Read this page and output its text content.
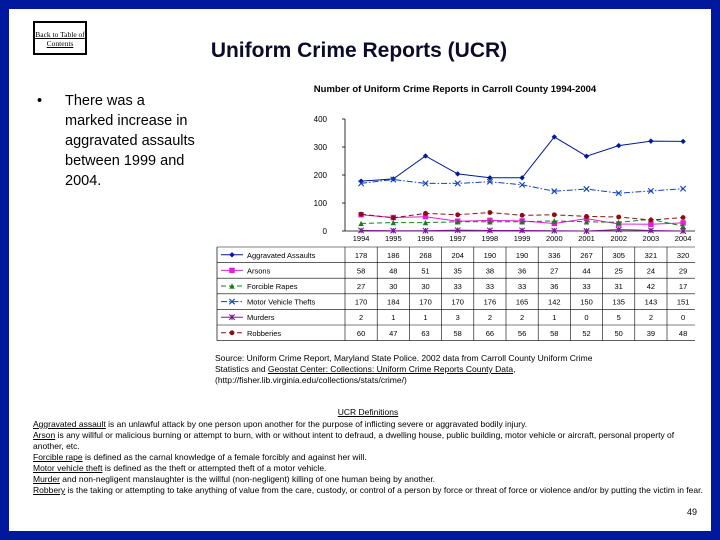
Back to Table of Contents	Uniform Crime Reports (UCR)
• There was a marked increase in aggravated assaults between 1999 and 2004.
Number of Uniform Crime Reports in Carroll County 1994-2004
0
100
200
300
400
1994 1995 1996 1997 1998 1999 2000 2001 2002 2003 2004
Aggravated Assaults	178	186	268	204	190	190	336	267	305	321	320
Arsons	58	48	51	35	38	36	27	44	25	24	29
Forcible Rapes	27	30	30	33	33	33	36	33	31	42	17
Motor Vehicle Thefts	170	184	170	170	176	165	142	150	135	143	151
Murders	2	1	1	3	2	2	1	0	5	2	0
Robberies	60	47	63	58	66	56	58	52	50	39	48
Source: Uniform Crime Report, Maryland State Police. 2002 data from Carroll County Uniform Crime
Statistics and Geostat Center: Collections: Uniform Crime Reports County Data,
(http://fisher.lib.virginia.edu/collections/stats/crime/)
UCR Definitions

Aggravated assault is an unlawful attack by one person upon another for the purpose of inflicting severe or aggravated bodily injury.

Arson is any willful or malicious burning or attempt to burn, with or without intent to defraud, a dwelling house, public building, motor vehicle or aircraft, personal property of another, etc.

Forcible rape is defined as the carnal knowledge of a female forcibly and against her will.

Motor vehicle theft is defined as the theft or attempted theft of a motor vehicle.

Murder and non-negligent manslaughter is the willful (non-negligent) killing of one human being by another.

Robbery is the taking or attempting to take anything of value from the care, custody, or control of a person by force or threat of force or violence and/or by putting the victim in fear.

49
